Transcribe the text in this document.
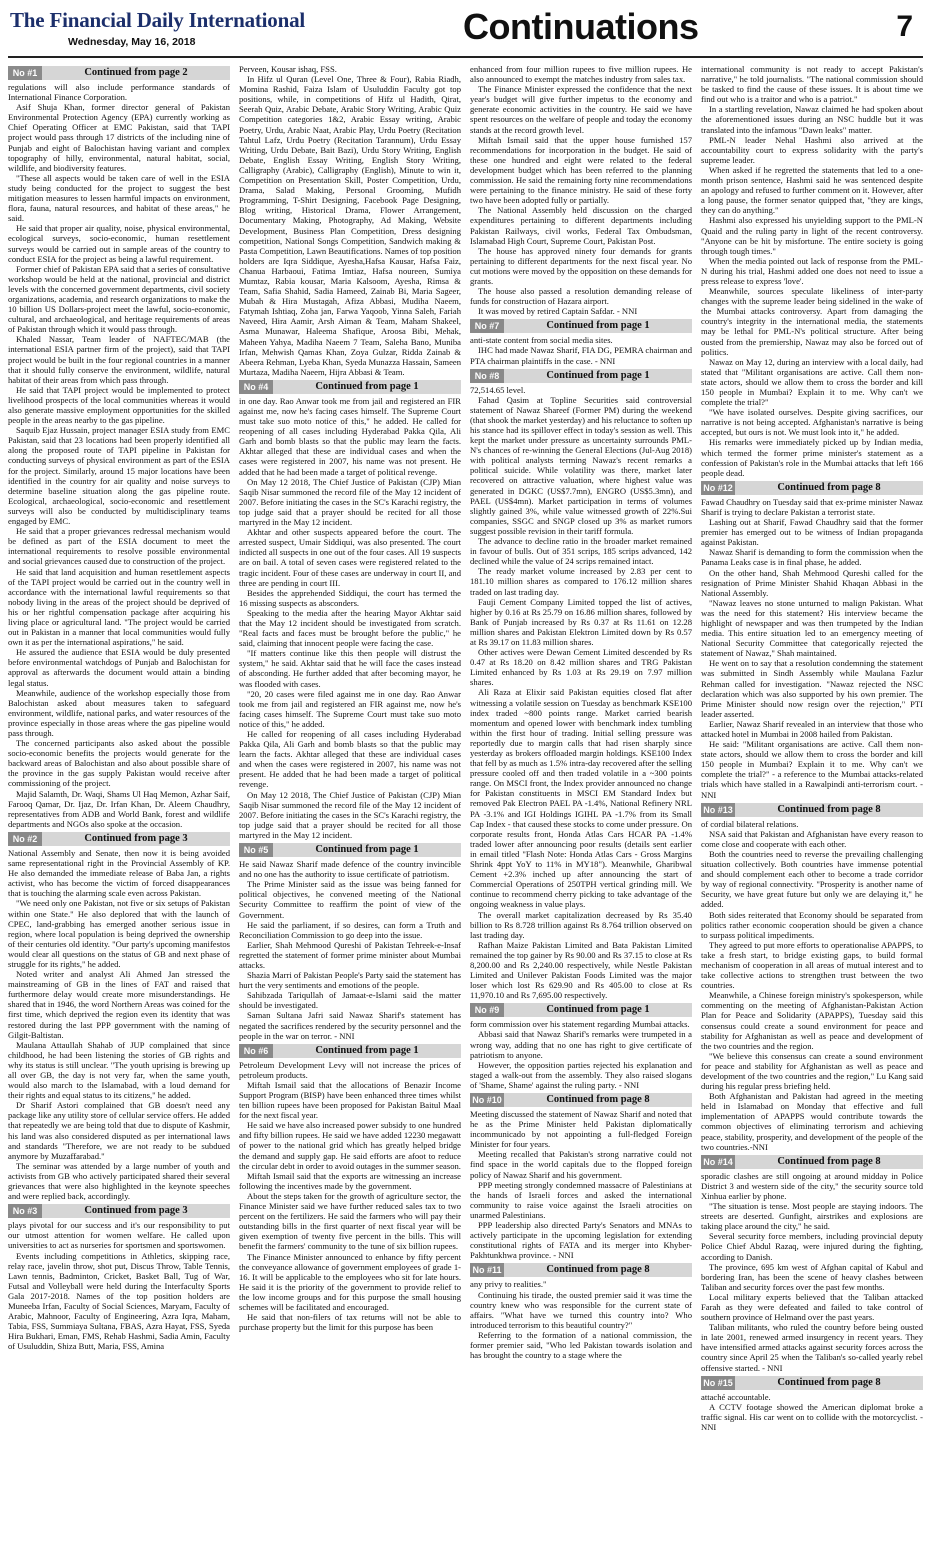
The Financial Daily International
Wednesday, May 16, 2018	Continuations	7
No #1	Continued from page 2

regulations will also include performance standards of International Finance Corporation.

Asif Shuja Khan, former director general of Pakistan Environmental Protection Agency (EPA) currently working as Chief Operating Officer at EMC Pakistan, said that TAPI project would pass through 17 districts of the including nine of Punjab and eight of Balochistan having variant and complex topography of hilly, environmental, natural habitat, social, wildlife, and biodiversity features.

"These all aspects would be taken care of well in the ESIA study being conducted for the project to suggest the best mitigation measures to lessen harmful impacts on environment, flora, fauna, natural resources, and habitat of these areas," he said.

He said that proper air quality, noise, physical environmental, ecological surveys, socio-economic, human resettlement surveys would be carried out in sample areas of the country to conduct ESIA for the project as being a lawful requirement.

Former chief of Pakistan EPA said that a series of consultative workshop would be held at the national, provincial and district levels with the concerned government departments, civil society organizations, academia, and research organizations to make the 10 billion US Dollars-project meet the lawful, socio-economic, cultural, and archaeological, and heritage requirements of areas of Pakistan through which it would pass through.

Khaled Nassar, Team leader of NAFTEC/MAB (the international ESIA partner firm of the project), said that TAPI project would be built in the four regional countries in a manner that it should fully conserve the environment, wildlife, natural habitat of their areas from which pass through.

He said that TAPI project would be implemented to protect livelihood prospects of the local communities whereas it would also generate massive employment opportunities for the skilled people in the areas nearby to the gas pipeline.

Saquib Ejaz Hussain, project manager ESIA study from EMC Pakistan, said that 23 locations had been properly identified all along the proposed route of TAPI pipeline in Pakistan for conducting surveys of physical environment as part of the ESIA for the project. Similarly, around 15 major locations have been identified in the country for air quality and noise surveys to determine baseline situation along the gas pipeline route. Ecological, archaeological, socio-economic and resettlement surveys will also be conducted by multidisciplinary teams engaged by EMC.

He said that a proper grievances redressal mechanism would be defined as part of the ESIA document to meet the international requirements to resolve possible environmental and social grievances caused due to construction of the project.

He said that land acquisition and human resettlement aspects of the TAPI project would be carried out in the country well in accordance with the international lawful requirements so that nobody living in the areas of the project should be deprived of his or her rightful compensation package after acquiring his living place or agricultural land. "The project would be carried out in Pakistan in a manner that local communities would fully own it as per the international aspirations," he said.

He assured the audience that ESIA would be duly presented before environmental watchdogs of Punjab and Balochistan for approval as afterwards the document would attain a binding legal status.

Meanwhile, audience of the workshop especially those from Balochistan asked about measures taken to safeguard environment, wildlife, national parks, and water resources of the province especially in those areas where the gas pipeline would pass through.

The concerned participants also asked about the possible socio-economic benefits the projects would generate for the backward areas of Balochistan and also about possible share of the province in the gas supply Pakistan would receive after commissioning of the project.

Majid Salamth, Dr. Waqi, Shams Ul Haq Memon, Azhar Saif, Farooq Qamar, Dr. Ijaz, Dr. Irfan Khan, Dr. Aleem Chaudhry, representatives from ADB and World Bank, forest and wildlife departments and NGOs also spoke at the occasion.

No #2	Continued from page 3

National Assembly and Senate, then now it is being avoided same representational right in the Provincial Assembly of KP. He also demanded the immediate release of Baba Jan, a rights activist, who has become the victim of forced disappearances that is touching the alarming scale even across Pakistan.

"We need only one Pakistan, not five or six setups of Pakistan within one State." He also deplored that with the launch of CPEC, land-grabbing has emerged another serious issue in region, where local population is being deprived the ownership of their centuries old identity. "Our party's upcoming manifestos would clear all questions on the status of GB and next phase of struggle for its rights," he added.

Noted writer and analyst Ali Ahmed Jan stressed the mainstreaming of GB in the lines of FAT and raised that furthermore delay would create more misunderstandings. He shared that in 1946, the word Northern Areas was coined for the first time, which deprived the region even its identity that was restored during the last PPP government with the naming of Gilgit-Baltistan.

Maulana Attaullah Shahab of JUP complained that since childhood, he had been listening the stories of GB rights and why its status is still unclear. "The youth uprising is brewing up all over GB, the day is not very far, when the same youth, would also march to the Islamabad, with a loud demand for their rights and equal status to its citizens," he added.

Dr Sharif Astori complained that GB doesn't need any package like any utility store of cellular service offers. He added that repeatedly we are being told that due to dispute of Kashmir, his land was also considered disputed as per international laws and standards "Therefore, we are not ready to be subdued anymore by Muzaffarabad."

The seminar was attended by a large number of youth and activists from GB who actively participated shared their several grievances that were also highlighted in the keynote speeches and were replied back, accordingly.

No #3	Continued from page 3

plays pivotal for our success and it's our responsibility to put our utmost attention for women welfare. He called upon universities to act as nurseries for sportsmen and sportswomen.

Events including competitions in Athletics, skipping race, relay race, javelin throw, shot put, Discus Throw, Table Tennis, Lawn tennis, Badminton, Cricket, Basket Ball, Tug of War, Futsal and Volleyball were held during the Interfaculty Sports Gala 2017-2018. Names of the top position holders are Muneeba Irfan, Faculty of Social Sciences, Maryam, Faculty of Arabic, Mahnoor, Faculty of Engineering, Azra Iqra, Maham, Tabia, FSS, Summiaya Sultana, FBAS, Azra Hayat, FSS, Syeda Hira Bukhari, Eman, FMS, Rehab Hashmi, Sadia Amin, Faculty of Usuluddin, Shiza Butt, Maria, FSS, Amina

Perveen, Kousar ishaq, FSS.

In Hifz ul Quran (Level One, Three & Four), Rabia Riadh, Momina Rashid, Faiza Islam of Usuluddin Faculty got top positions, while, in competitions of Hifz ul Hadith, Qirat, Seerah Quiz, Arabic Debate, Arabic Story Writing, Arabic Quiz Competition categories 1&2, Arabic Essay writing, Arabic Poetry, Urdu, Arabic Naat, Arabic Play, Urdu Poetry (Recitation Tahtul Lafz, Urdu Poetry (Recitation Tarannum), Urdu Essay Writing, Urdu Debate, Bait Bazi), Urdu Story Writing, English Debate, English Essay Writing, English Story Writing, Calligraphy (Arabic), Calligraphy (English), Minute to win it, Competition on Presentation Skill, Poster Competition, Urdu, Drama, Salad Making, Personal Grooming, Mufidh Programming, T-Shirt Designing, Facebook Page Designing, Blog writing, Historical Drama, Flower Arrangement, Documentary Making, Photography, Ad Making, Website Development, Business Plan Competition, Dress designing competition, National Songs Competition, Sandwich making & Pasta Competition, Lawn Beautifications. Names of top position holders are Iqra Siddique, Ayesha,Hafsa Kausar, Hafsa Faiz, Chanua Harbaoui, Fatima Imtiaz, Hafsa noureen, Sumiya Mumtaz, Rabia kousar, Maria Kalsoom, Ayesha, Rimsa & Team, Safia Shahid, Sadia Hameed, Zainab Bi, Maria Sageer, Mubah & Hira Mustagah, Afiza Abbasi, Mudiha Naeem, Fatymah Ishtiaq, Zoha jan, Farwa Yaqoob, Yinna Saleh, Fariah Naveed, Hira Aamir, Arsh Aiman & Team, Maham Shakeel, Asma Munawar, Haleema Shafique, Aroosa Bibi, Mehak, Maheen Yahya, Madiha Naeem 7 Team, Saleha Bano, Muniba Irfan, Mehwish Qamas Khan, Zoya Gulzar, Ridda Zainab & Abeera Rehman, Lyeba Khan, Syeda Munazza Hassain, Sameen Murtaza, Madiha Naeem, Hijra Abbasi & Team.

No #4	Continued from page 1

in one day. Rao Anwar took me from jail and registered an FIR against me, now he's facing cases himself. The Supreme Court must take suo moto notice of this," he added. He called for reopening of all cases including Hyderabad Pakka Qila, Ali Garh and bomb blasts so that the public may learn the facts. Akhtar alleged that these are individual cases and when the cases were registered in 2007, his name was not present. He added that he had been made a target of political revenge.

On May 12 2018, The Chief Justice of Pakistan (CJP) Mian Saqib Nisar summoned the record file of the May 12 incident of 2007. Before initiating the cases in the SC's Karachi registry, the top judge said that a prayer should be recited for all those martyred in the May 12 incident.

Akhtar and other suspects appeared before the court. The arrested suspect, Umair Siddiqui, was also presented. The court indicted all suspects in one out of the four cases. All 19 suspects are on bail. A total of seven cases were registered related to the tragic incident. Four of these cases are underway in court II, and three are pending in court III.

Besides the apprehended Siddiqui, the court has termed the 16 missing suspects as absconders.

Speaking to the media after the hearing Mayor Akhtar said that the May 12 incident should be investigated from scratch. "Real facts and faces must be brought before the public," he said, claiming that innocent people were facing the case.

"If matters continue like this then people will distrust the system," he said. Akhtar said that he will face the cases instead of absconding. He further added that after becoming mayor, he was flooded with cases.

"20, 20 cases were filed against me in one day. Rao Anwar took me from jail and registered an FIR against me, now he's facing cases himself. The Supreme Court must take suo moto notice of this," he added.

He called for reopening of all cases including Hyderabad Pakka Qila, Ali Garh and bomb blasts so that the public may learn the facts. Akhtar alleged that these are individual cases and when the cases were registered in 2007, his name was not present. He added that he had been made a target of political revenge.

On May 12 2018, The Chief Justice of Pakistan (CJP) Mian Saqib Nisar summoned the record file of the May 12 incident of 2007. Before initiating the cases in the SC's Karachi registry, the top judge said that a prayer should be recited for all those martyred in the May 12 incident.

No #5	Continued from page 1

He said Nawaz Sharif made defence of the country invincible and no one has the authority to issue certificate of patriotism.

The Prime Minister said as the issue was being fanned for political objectives, he convened meeting of the National Security Committee to reaffirm the point of view of the Government.

He said the parliament, if so desires, can form a Truth and Reconciliation Commission to go deep into the issue.

Earlier, Shah Mehmood Qureshi of Pakistan Tehreek-e-Insaf regretted the statement of former prime minister about Mumbai attacks.

Shazia Marri of Pakistan People's Party said the statement has hurt the very sentiments and emotions of the people.

Sahibzada Tariqullah of Jamaat-e-Islami said the matter should be investigated.

Saman Sultana Jafri said Nawaz Sharif's statement has negated the sacrifices rendered by the security personnel and the people in the war on terror. - NNI

No #6	Continued from page 1

Petroleum Development Levy will not increase the prices of petroleum products.

Miftah Ismail said that the allocations of Benazir Income Support Program (BISP) have been enhanced three times whilst ten billion rupees have been proposed for Pakistan Baitul Maal for the next fiscal year.

He said we have also increased power subsidy to one hundred and fifty billion rupees. He said we have added 12230 megawatt of power to the national grid which has greatly helped bridge the demand and supply gap. He said efforts are afoot to reduce the circular debt in order to avoid outages in the summer season.

Miftah Ismail said that the exports are witnessing an increase following the incentives made by the government.

About the steps taken for the growth of agriculture sector, the Finance Minister said we have further reduced sales tax to two percent on the fertilizers. He said the farmers who will pay their outstanding bills in the first quarter of next fiscal year will be given exemption of twenty five percent in the bills. This will benefit the farmers' community to the tune of six billion rupees.

The Finance Minister announced to enhance by fifty percent the conveyance allowance of government employees of grade 1-16. It will be applicable to the employees who sit for late hours. He said it is the priority of the government to provide relief to the low income groups and for this purpose the small housing schemes will be facilitated and encouraged.

He said that non-filers of tax returns will not be able to purchase property but the limit for this purpose has been

enhanced from four million rupees to five million rupees. He also announced to exempt the matches industry from sales tax.

The Finance Minister expressed the confidence that the next year's budget will give further impetus to the economy and generate economic activities in the country. He said we have spent resources on the welfare of people and today the economy stands at the record growth level.

Miftah Ismail said that the upper house furnished 157 recommendations for incorporation in the budget. He said of these one hundred and eight were related to the federal development budget which has been referred to the planning commission. He said the remaining forty nine recommendations were pertaining to the finance ministry. He said of these forty two have been adopted fully or partially.

The National Assembly held discussion on the charged expenditures pertaining to different departments including Pakistan Railways, civil works, Federal Tax Ombudsman, Islamabad High Court, Supreme Court, Pakistan Post.

The house has approved ninety four demands for grants pertaining to different departments for the next fiscal year. No cut motions were moved by the opposition on these demands for grants.

The house also passed a resolution demanding release of funds for construction of Hazara airport.

It was moved by retired Captain Safdar. - NNI

No #7	Continued from page 1

anti-state content from social media sites.

IHC had made Nawaz Sharif, FIA DG, PEMRA chairman and PTA chairman plaintiffs in the case. - NNI

No #8	Continued from page 1

72,514.65 level.

Fahad Qasim at Topline Securities said controversial statement of Nawaz Shareef (Former PM) during the weekend (that shook the market yesterday) and his reluctance to soften up his stance had its spillover effect in today's session as well. This kept the market under pressure as uncertainty surrounds PML-N's chances of re-winning the General Elections (Jul-Aug 2018) with political analysts terming Nawaz's recent remarks a political suicide. While volatility was there, market later recovered on attractive valuation, where highest value was generated in DGKC (US$7.7mn), ENGRO (US$5.3mn), and PAEL (US$4mn). Market participation in terms of volumes slightly gained 3%, while value witnessed growth of 22%.Sui companies, SSGC and SNGP closed up 3% as market rumors suggest possible revision in their tariff formula.

The advance to decline ratio in the broader market remained in favour of bulls. Out of 351 scrips, 185 scrips advanced, 142 declined while the value of 24 scrips remained intact.

The ready market volume increased by 2.83 per cent to 181.10 million shares as compared to 176.12 million shares traded on last trading day.

Fauji Cement Company Limited topped the list of actives, higher by 0.16 at Rs 25.79 on 16.86 million shares, followed by Bank of Punjab increased by Rs 0.37 at Rs 11.61 on 12.28 million shares and Pakistan Elektron Limited down by Rs 0.57 at Rs 39.17 on 11.83 million shares.

Other actives were Dewan Cement Limited descended by Rs 0.47 at Rs 18.20 on 8.42 million shares and TRG Pakistan Limited enhanced by Rs 1.03 at Rs 29.19 on 7.97 million shares.

Ali Raza at Elixir said Pakistan equities closed flat after witnessing a volatile session on Tuesday as benchmark KSE100 index traded ~800 points range. Market carried bearish momentum and opened lower with benchmark index tumbling within the first hour of trading. Initial selling pressure was reportedly due to margin calls that had risen sharply since yesterday as brokers offloaded margin holdings. KSE100 Index that fell by as much as 1.5% intra-day recovered after the selling pressure cooled off and then traded volatile in a ~300 points range. On MSCI front, the Index provider announced no change for Pakistan constituents in MSCI EM Standard Index but removed Pak Electron PAEL PA -1.4%, National Refinery NRL PA -3.1% and IGI Holdings IGIHL PA -1.7% from its Small Cap Index - that caused these stocks to come under pressure. On corporate results front, Honda Atlas Cars HCAR PA -1.4% traded lower after announcing poor results (details sent earlier in email titled "Flash Note: Honda Atlas Cars - Gross Margins Shrink 4ppt YoY to 11% in MY18"). Meanwhile, Gharibwal Cement +2.3% inched up after announcing the start of Commercial Operations of 250TPH vertical grinding mill. We continue to recommend cherry picking to take advantage of the ongoing weakness in value plays.

The overall market capitalization decreased by Rs 35.40 billion to Rs 8.728 trillion against Rs 8.764 trillion observed on last trading day.

Rafhan Maize Pakistan Limited and Bata Pakistan Limited remained the top gainer by Rs 90.00 and Rs 37.15 to close at Rs 8,200.00 and Rs 2,240.00 respectively, while Nestle Pakistan Limited and Unilever Pakistan Foods Limited was the major loser which lost Rs 629.90 and Rs 405.00 to close at Rs 11,970.10 and Rs 7,695.00 respectively.

No #9	Continued from page 1

form commission over his statement regarding Mumbai attacks.

Abbasi said that Nawaz Sharif's remarks were trumpeted in a wrong way, adding that no one has right to give certificate of patriotism to anyone.

However, the opposition parties rejected his explanation and staged a walk-out from the assembly. They also raised slogans of 'Shame, Shame' against the ruling party. - NNI

No #10	Continued from page 8

Meeting discussed the statement of Nawaz Sharif and noted that he as the Prime Minister held Pakistan diplomatically incommunicado by not appointing a full-fledged Foreign Minister for four years.

Meeting recalled that Pakistan's strong narrative could not find space in the world capitals due to the flopped foreign policy of Nawaz Sharif and his government.

PPP meeting strongly condemned massacre of Palestinians at the hands of Israeli forces and asked the international community to raise voice against the Israeli atrocities on unarmed Palestinians.

PPP leadership also directed Party's Senators and MNAs to actively participate in the upcoming legislation for extending constitutional rights of FATA and its merger into Khyber-Pakhtunkhwa province. - NNI

No #11	Continued from page 8

any privy to realities."

Continuing his tirade, the ousted premier said it was time the country knew who was responsible for the current state of affairs. "What have we turned this country into? Who introduced terrorism to this beautiful country?"

Referring to the formation of a national commission, the former premier said, "Who led Pakistan towards isolation and has brought the country to a stage where the

international community is not ready to accept Pakistan's narrative," he told journalists. "The national commission should be tasked to find the cause of these issues. It is about time we find out who is a traitor and who is a patriot."

In a startling revelation, Nawaz claimed he had spoken about the aforementioned issues during an NSC huddle but it was translated into the infamous "Dawn leaks" matter.

PML-N leader Nehal Hashmi also arrived at the accountability court to express solidarity with the party's supreme leader.

When asked if he regretted the statements that led to a one-month prison sentence, Hashmi said he was sentenced despite an apology and refused to further comment on it. However, after a long pause, the former senator quipped that, "they are kings, they can do anything."

Hashmi also expressed his unyielding support to the PML-N Quaid and the ruling party in light of the recent controversy. "Anyone can be hit by misfortune. The entire society is going through tough times."

When the media pointed out lack of response from the PML-N during his trial, Hashmi added one does not need to issue a press release to express 'love'.

Meanwhile, sources speculate likeliness of inter-party changes with the supreme leader being sidelined in the wake of the Mumbai attacks controversy. Apart from damaging the country's integrity in the international media, the statements may be lethal for PML-N's political structure. After being ousted from the premiership, Nawaz may also be forced out of politics.

Nawaz on May 12, during an interview with a local daily, had stated that "Militant organisations are active. Call them non-state actors, should we allow them to cross the border and kill 150 people in Mumbai? Explain it to me. Why can't we complete the trial?"

"We have isolated ourselves. Despite giving sacrifices, our narrative is not being accepted. Afghanistan's narrative is being accepted, but ours is not. We must look into it," he added.

His remarks were immediately picked up by Indian media, which termed the former prime minister's statement as a confession of Pakistan's role in the Mumbai attacks that left 166 people dead.

No #12	Continued from page 8

Fawad Chaudhry on Tuesday said that ex-prime minister Nawaz Sharif is trying to declare Pakistan a terrorist state.

Lashing out at Sharif, Fawad Chaudhry said that the former premier has emerged out to be witness of Indian propaganda against Pakistan.

Nawaz Sharif is demanding to form the commission when the Panama Leaks case is in final phase, he added.

On the other hand, Shah Mehmood Qureshi called for the resignation of Prime Minister Shahid Khaqan Abbasi in the National Assembly.

"Nawaz leaves no stone unturned to malign Pakistan. What was the need for this statement? His interview became the highlight of newspaper and was then trumpeted by the Indian media. This entire situation led to an emergency meeting of National Security Committee that categorically rejected the statement of Nawaz," Shah maintained.

He went on to say that a resolution condemning the statement was submitted in Sindh Assembly while Maulana Fazlur Rehman called for investigation. "Nawaz rejected the NSC declaration which was also supported by his own premier. The Prime Minister should now resign over the rejection," PTI leader asserted.

Earlier, Nawaz Sharif revealed in an interview that those who attacked hotel in Mumbai in 2008 hailed from Pakistan.

He said: "Militant organisations are active. Call them non-state actors, should we allow them to cross the border and kill 150 people in Mumbai? Explain it to me. Why can't we complete the trial?" - a reference to the Mumbai attacks-related trials which have stalled in a Rawalpindi anti-terrorism court. - NNI

No #13	Continued from page 8

of cordial bilateral relations.

NSA said that Pakistan and Afghanistan have every reason to come close and cooperate with each other.

Both the countries need to reverse the prevailing challenging situation collectively. Both countries have immense potential and should complement each other to become a trade corridor by way of regional connectivity. "Prosperity is another name of Security, we have great future but only we are delaying it," he added.

Both sides reiterated that Economy should be separated from politics rather economic cooperation should be given a chance to surpass political impediments.

They agreed to put more efforts to operationalise APAPPS, to take a fresh start, to bridge existing gaps, to build formal mechanism of cooperation in all areas of mutual interest and to take collective actions to strengthen trust between the two countries.

Meanwhile, a Chinese foreign ministry's spokesperson, while commenting on the meeting of Afghanistan-Pakistan Action Plan for Peace and Solidarity (APAPPS), Tuesday said this consensus could create a sound environment for peace and stability for Afghanistan as well as peace and development of the two countries and the region.

"We believe this consensus can create a sound environment for peace and stability for Afghanistan as well as peace and development of the two countries and the region," Lu Kang said during his regular press briefing held.

Both Afghanistan and Pakistan had agreed in the meeting held in Islamabad on Monday that effective and full implementation of APAPPS would contribute towards the common objectives of eliminating terrorism and achieving peace, stability, prosperity, and development of the people of the two countries.-NNI

No #14	Continued from page 8

sporadic clashes are still ongoing at around midday in Police District 3 and western side of the city," the security source told Xinhua earlier by phone.

"The situation is tense. Most people are staying indoors. The streets are deserted. Gunfight, airstrikes and explosions are taking place around the city," he said.

Several security force members, including provincial deputy Police Chief Abdul Razaq, were injured during the fighting, according to Danish.

The province, 695 km west of Afghan capital of Kabul and bordering Iran, has been the scene of heavy clashes between Taliban and security forces over the past few months.

Local military experts believed that the Taliban attacked Farah as they were defeated and failed to take control of southern province of Helmand over the past years.

Taliban militants, who ruled the country before being ousted in late 2001, renewed armed insurgency in recent years. They have intensified armed attacks against security forces across the country since April 25 when the Taliban's so-called yearly rebel offensive started. - NNI

No #15	Continued from page 8

attaché accountable.

A CCTV footage showed the American diplomat broke a traffic signal. His car went on to collide with the motorcyclist. - NNI
